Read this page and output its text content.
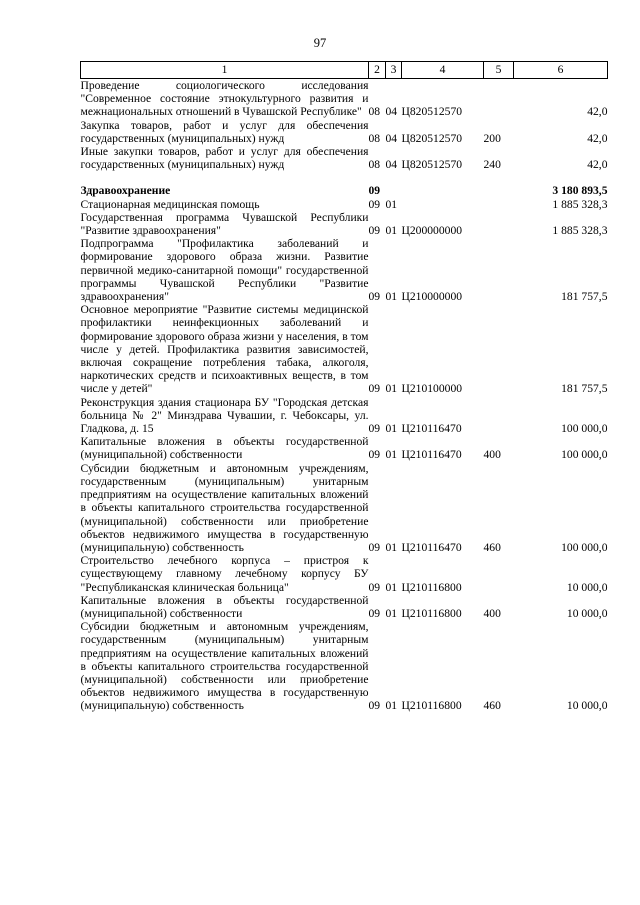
97
1	2	3	4	5	6
Проведение социологического исследования "Современное состояние этнокультурного развития и межнациональных отношений в Чувашской Республике"	08	04	Ц820512570		42,0
Закупка товаров, работ и услуг для обеспечения государственных (муниципальных) нужд	08	04	Ц820512570	200	42,0
Иные закупки товаров, работ и услуг для обеспечения государственных (муниципальных) нужд	08	04	Ц820512570	240	42,0

Здравоохранение	09				3 180 893,5
Стационарная медицинская помощь	09	01			1 885 328,3
Государственная программа Чувашской Республики "Развитие здравоохранения"	09	01	Ц200000000		1 885 328,3
Подпрограмма "Профилактика заболеваний и формирование здорового образа жизни. Развитие первичной медико-санитарной помощи" государственной программы Чувашской Республики "Развитие здравоохранения"	09	01	Ц210000000		181 757,5
Основное мероприятие "Развитие системы медицинской профилактики неинфекционных заболеваний и формирование здорового образа жизни у населения, в том числе у детей. Профилактика развития зависимостей, включая сокращение потребления табака, алкоголя, наркотических средств и психоактивных веществ, в том числе у детей"	09	01	Ц210100000		181 757,5
Реконструкция здания стационара БУ "Городская детская больница № 2" Минздрава Чувашии, г. Чебоксары, ул. Гладкова, д. 15	09	01	Ц210116470		100 000,0
Капитальные вложения в объекты государственной (муниципальной) собственности	09	01	Ц210116470	400	100 000,0
Субсидии бюджетным и автономным учреждениям, государственным (муниципальным) унитарным предприятиям на осуществление капитальных вложений в объекты капитального строительства государственной (муниципальной) собственности или приобретение объектов недвижимого имущества в государственную (муниципальную) собственность	09	01	Ц210116470	460	100 000,0
Строительство лечебного корпуса – пристроя к существующему главному лечебному корпусу БУ "Республиканская клиническая больница"	09	01	Ц210116800		10 000,0
Капитальные вложения в объекты государственной (муниципальной) собственности	09	01	Ц210116800	400	10 000,0
Субсидии бюджетным и автономным учреждениям, государственным (муниципальным) унитарным предприятиям на осуществление капитальных вложений в объекты капитального строительства государственной (муниципальной) собственности или приобретение объектов недвижимого имущества в государственную (муниципальную) собственность	09	01	Ц210116800	460	10 000,0
